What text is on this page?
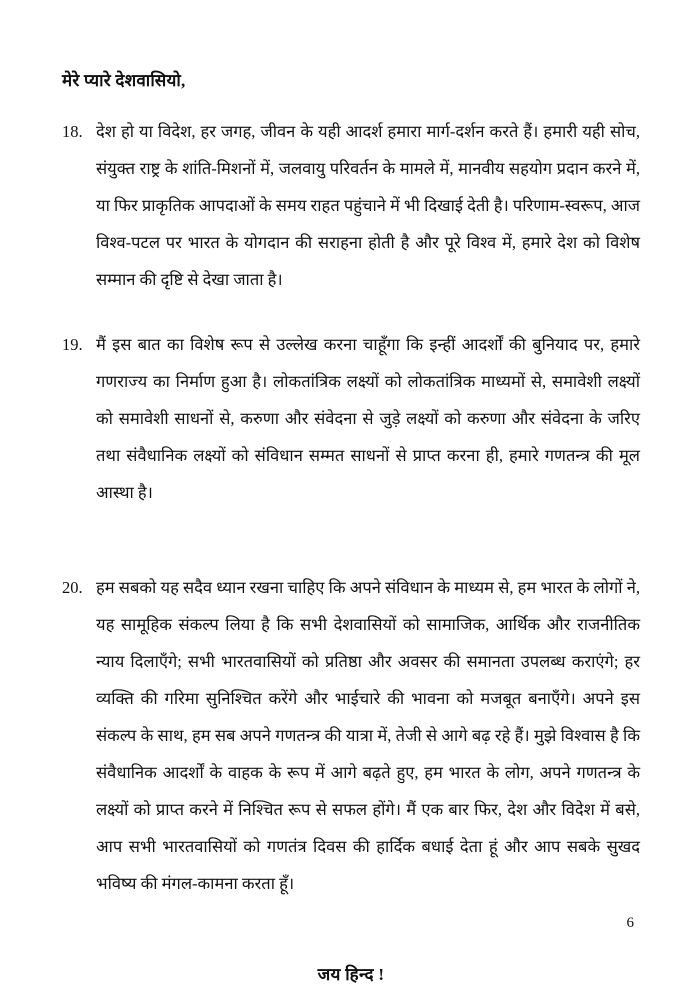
मेरे प्यारे देशवासियो,

18. देश हो या विदेश, हर जगह, जीवन के यही आदर्श हमारा मार्ग-दर्शन करते हैं। हमारी यही सोच, संयुक्त राष्ट्र के शांति-मिशनों में, जलवायु परिवर्तन के मामले में, मानवीय सहयोग प्रदान करने में, या फिर प्राकृतिक आपदाओं के समय राहत पहुंचाने में भी दिखाई देती है। परिणाम-स्वरूप, आज विश्व-पटल पर भारत के योगदान की सराहना होती है और पूरे विश्व में, हमारे देश को विशेष सम्मान की दृष्टि से देखा जाता है।
19. मैं इस बात का विशेष रूप से उल्लेख करना चाहूँगा कि इन्हीं आदर्शों की बुनियाद पर, हमारे गणराज्य का निर्माण हुआ है। लोकतांत्रिक लक्ष्यों को लोकतांत्रिक माध्यमों से, समावेशी लक्ष्यों को समावेशी साधनों से, करुणा और संवेदना से जुड़े लक्ष्यों को करुणा और संवेदना के जरिए तथा संवैधानिक लक्ष्यों को संविधान सम्मत साधनों से प्राप्त करना ही, हमारे गणतन्त्र की मूल आस्था है।
20. हम सबको यह सदैव ध्यान रखना चाहिए कि अपने संविधान के माध्यम से, हम भारत के लोगों ने, यह सामूहिक संकल्प लिया है कि सभी देशवासियों को सामाजिक, आर्थिक और राजनीतिक न्याय दिलाएँगे; सभी भारतवासियों को प्रतिष्ठा और अवसर की समानता उपलब्ध कराएंगे; हर व्यक्ति की गरिमा सुनिश्चित करेंगे और भाईचारे की भावना को मजबूत बनाएँगे। अपने इस संकल्प के साथ, हम सब अपने गणतन्त्र की यात्रा में, तेजी से आगे बढ़ रहे हैं। मुझे विश्वास है कि संवैधानिक आदर्शों के वाहक के रूप में आगे बढ़ते हुए, हम भारत के लोग, अपने गणतन्त्र के लक्ष्यों को प्राप्त करने में निश्चित रूप से सफल होंगे। मैं एक बार फिर, देश और विदेश में बसे, आप सभी भारतवासियों को गणतंत्र दिवस की हार्दिक बधाई देता हूं और आप सबके सुखद भविष्य की मंगल-कामना करता हूँ।

जय हिन्द !

6
